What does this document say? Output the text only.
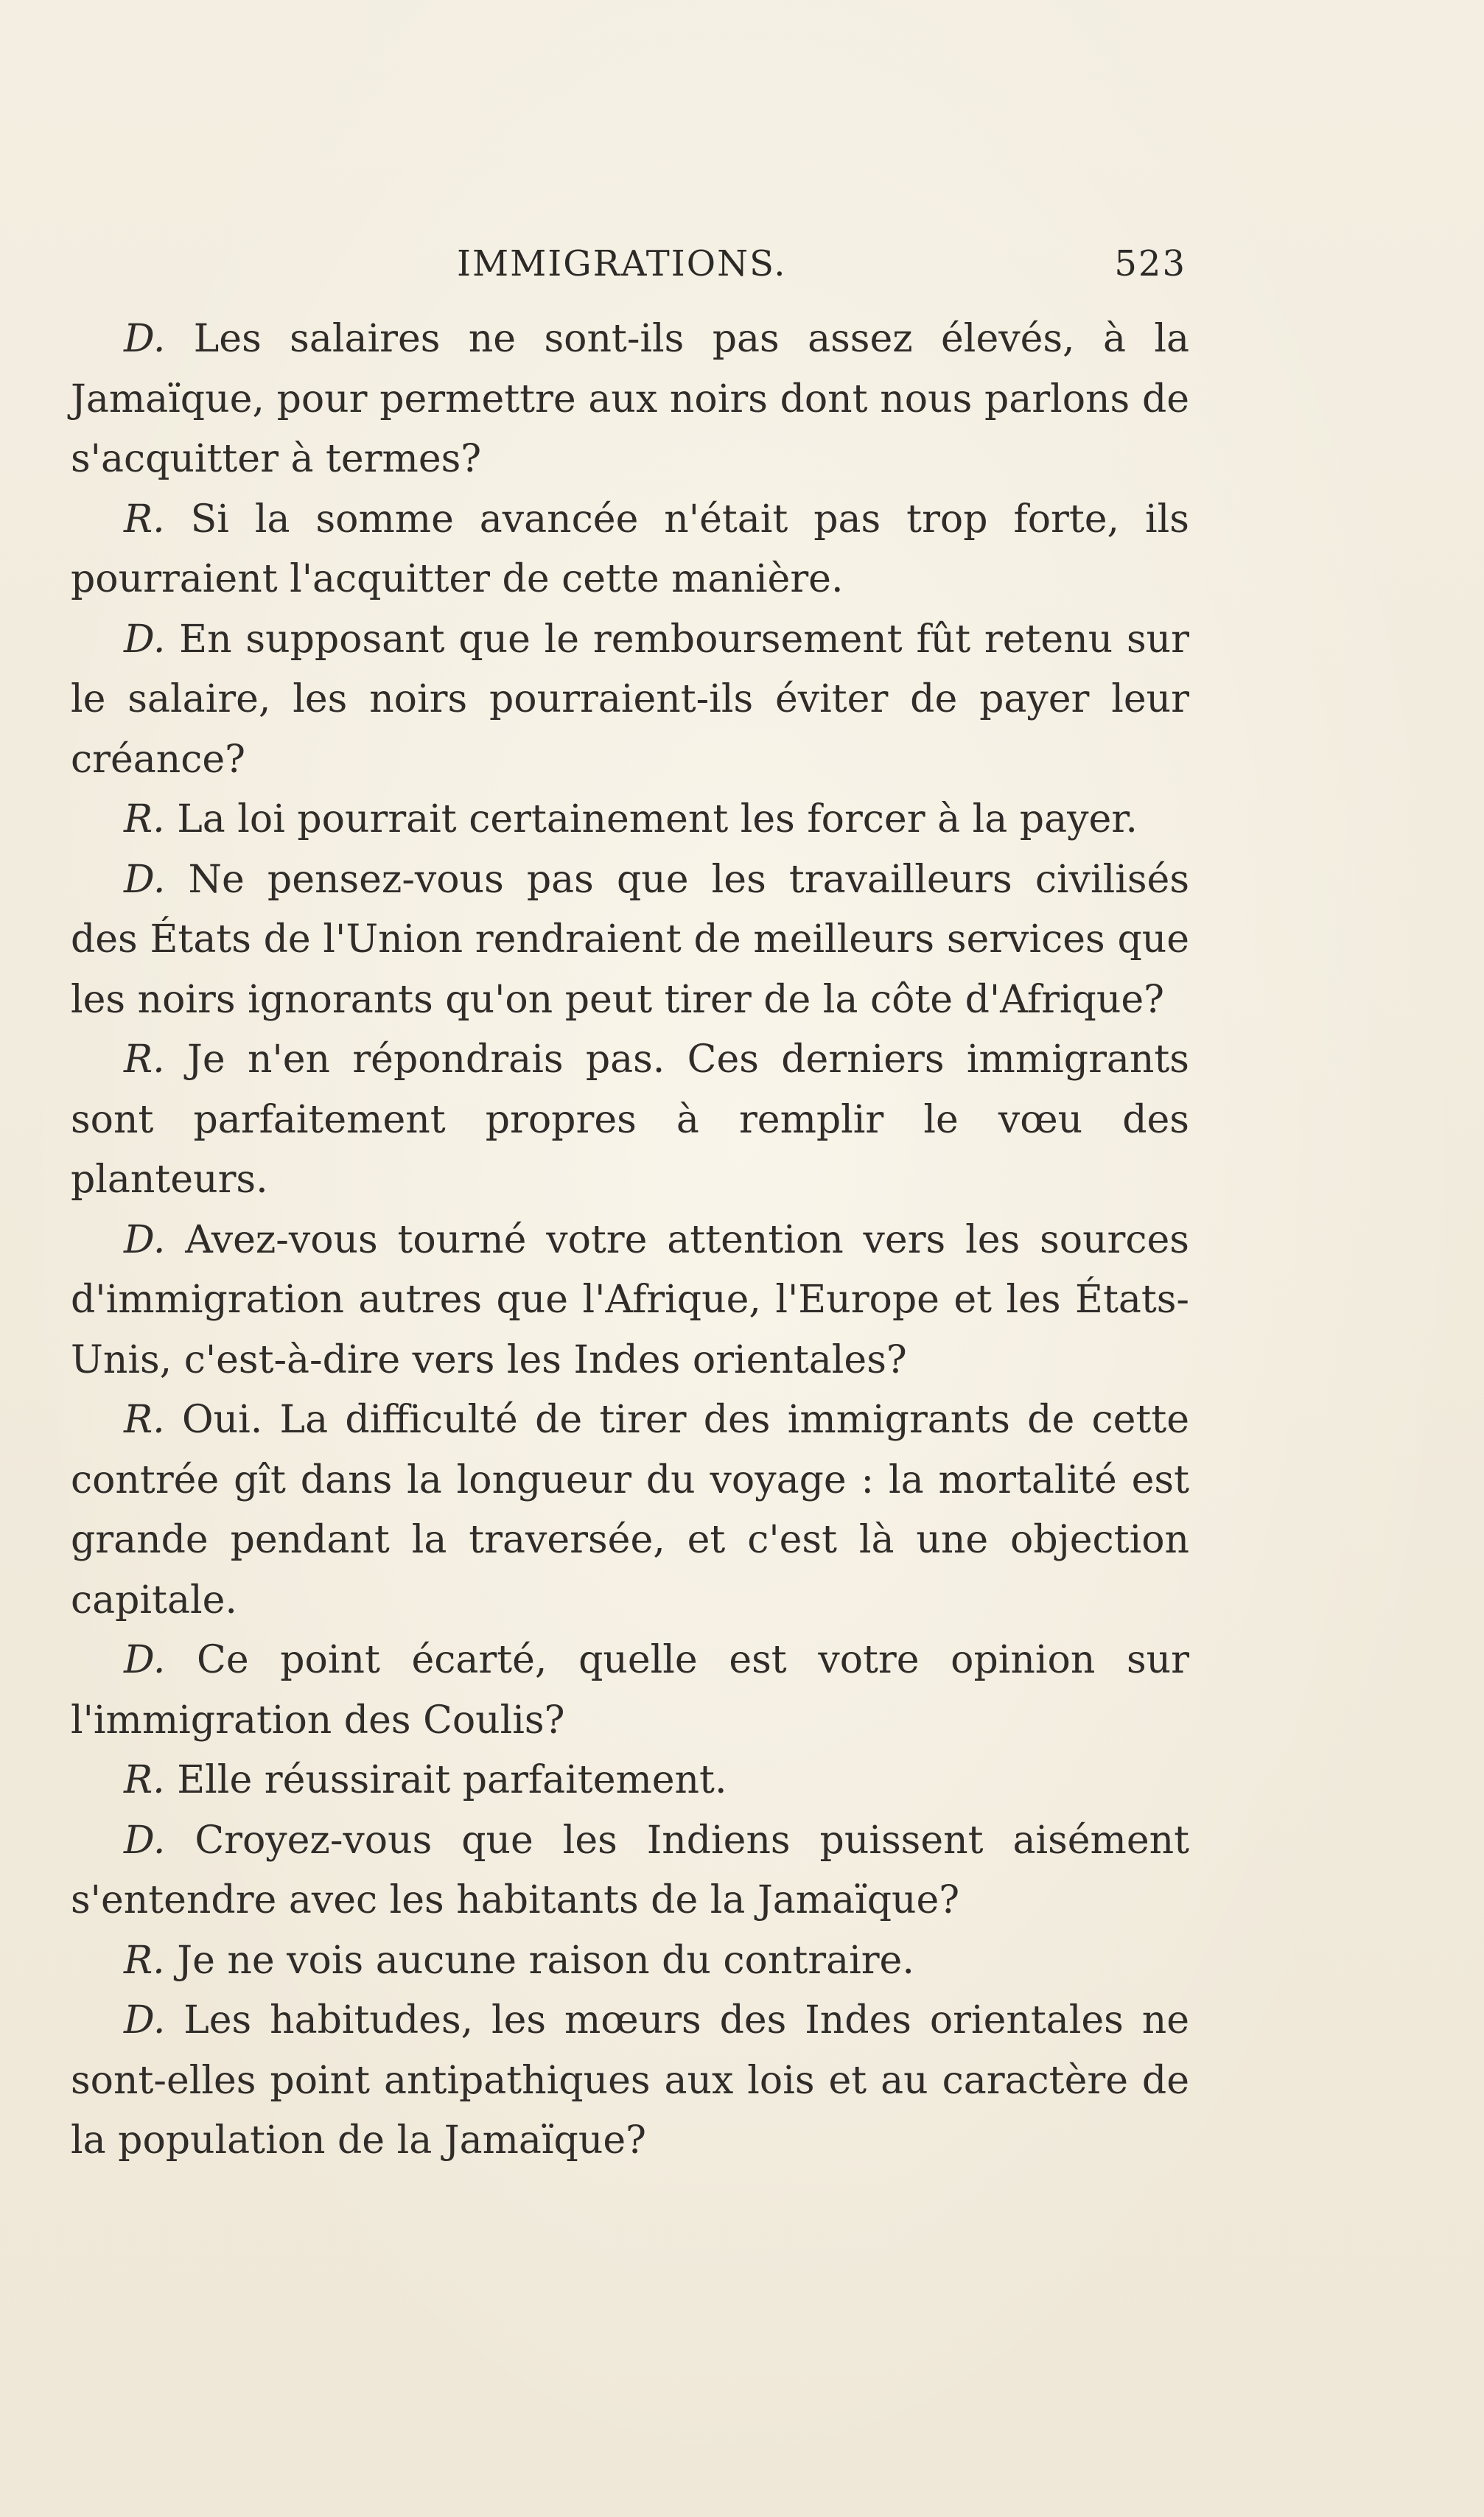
IMMIGRATIONS.	523

D. Les salaires ne sont-ils pas assez élevés, à la Jamaïque, pour permettre aux noirs dont nous parlons de s'acquitter à termes?

R. Si la somme avancée n'était pas trop forte, ils pourraient l'acquitter de cette manière.

D. En supposant que le remboursement fût retenu sur le salaire, les noirs pourraient-ils éviter de payer leur créance?

R. La loi pourrait certainement les forcer à la payer.

D. Ne pensez-vous pas que les travailleurs civilisés des États de l'Union rendraient de meilleurs services que les noirs ignorants qu'on peut tirer de la côte d'Afrique?

R. Je n'en répondrais pas. Ces derniers immigrants sont parfaitement propres à remplir le vœu des planteurs.

D. Avez-vous tourné votre attention vers les sources d'immigration autres que l'Afrique, l'Europe et les États-Unis, c'est-à-dire vers les Indes orientales?

R. Oui. La difficulté de tirer des immigrants de cette contrée gît dans la longueur du voyage : la mortalité est grande pendant la traversée, et c'est là une objection capitale.

D. Ce point écarté, quelle est votre opinion sur l'immigration des Coulis?

R. Elle réussirait parfaitement.

D. Croyez-vous que les Indiens puissent aisément s'entendre avec les habitants de la Jamaïque?

R. Je ne vois aucune raison du contraire.

D. Les habitudes, les mœurs des Indes orientales ne sont-elles point antipathiques aux lois et au caractère de la population de la Jamaïque?
